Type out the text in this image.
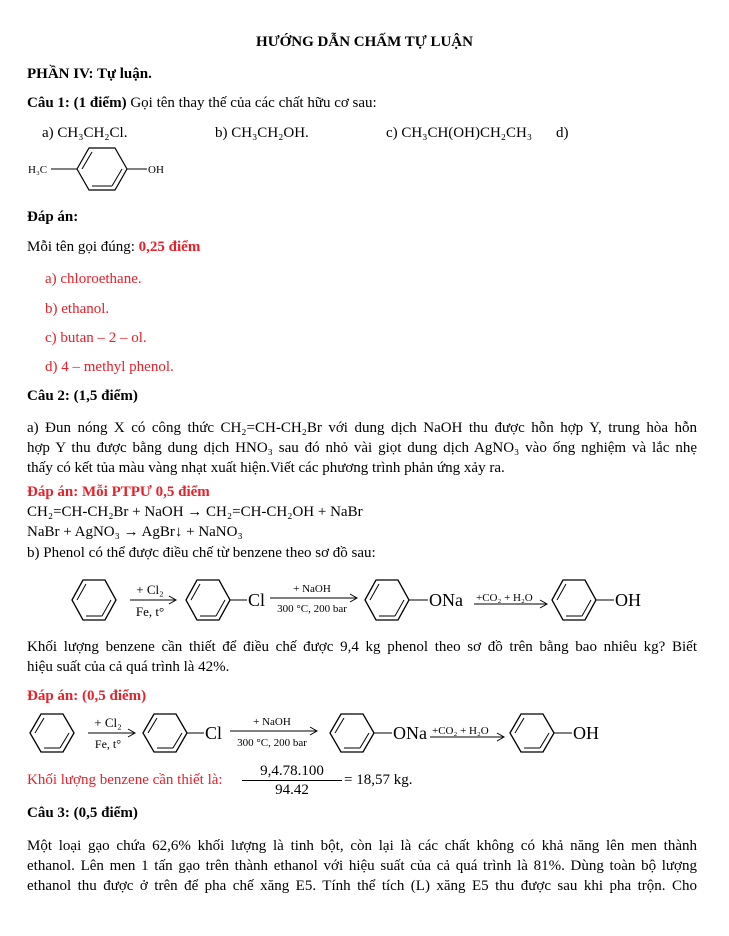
HƯỚNG DẪN CHẤM TỰ LUẬN
PHẦN IV: Tự luận.
Câu 1: (1 điểm) Gọi tên thay thế của các chất hữu cơ sau:
a) CH₃CH₂Cl.	b) CH₃CH₂OH.	c) CH₃CH(OH)CH₂CH₃ d)
H₃C	OH
Đáp án:
Mỗi tên gọi đúng: 0,25 điểm
a) chloroethane.
b) ethanol.
c) butan – 2 – ol.
d) 4 – methyl phenol.
Câu 2: (1,5 điểm)
a) Đun nóng X có công thức CH₂=CH-CH₂Br với dung dịch NaOH thu được hỗn hợp Y, trung hòa hỗn
hợp Y thu được bằng dung dịch HNO₃ sau đó nhỏ vài giọt dung dịch AgNO₃ vào ống nghiệm và lắc nhẹ
thấy có kết tủa màu vàng nhạt xuất hiện.Viết các phương trình phản ứng xảy ra.
Đáp án: Mỗi PTPƯ 0,5 điểm
CH₂=CH-CH₂Br + NaOH → CH₂=CH-CH₂OH + NaBr
NaBr + AgNO₃ → AgBr↓ + NaNO₃
b) Phenol có thể được điều chế từ benzene theo sơ đồ sau:
+ Cl₂
Fe, t°
Cl
+ NaOH
300 °C, 200 bar	ONa +CO₂ + H₂O	OH
Khối lượng benzene cần thiết để điều chế được 9,4 kg phenol theo sơ đồ trên bằng bao nhiêu kg? Biết
hiệu suất của cả quá trình là 42%.
Đáp án: (0,5 điểm)
+ Cl₂
Fe, t°
Cl
+ NaOH
300 °C, 200 bar	ONa +CO₂ + H₂O	OH
Khối lượng benzene cần thiết là: $\frac{9,4.78.100}{94.42} = 18,57$ kg.
Câu 3: (0,5 điểm)
Một loại gạo chứa 62,6% khối lượng là tinh bột, còn lại là các chất không có khả năng lên men thành
ethanol. Lên men 1 tấn gạo trên thành ethanol với hiệu suất của cả quá trình là 81%. Dùng toàn bộ lượng
ethanol thu được ở trên để pha chế xăng E5. Tính thể tích (L) xăng E5 thu được sau khi pha trộn. Cho
